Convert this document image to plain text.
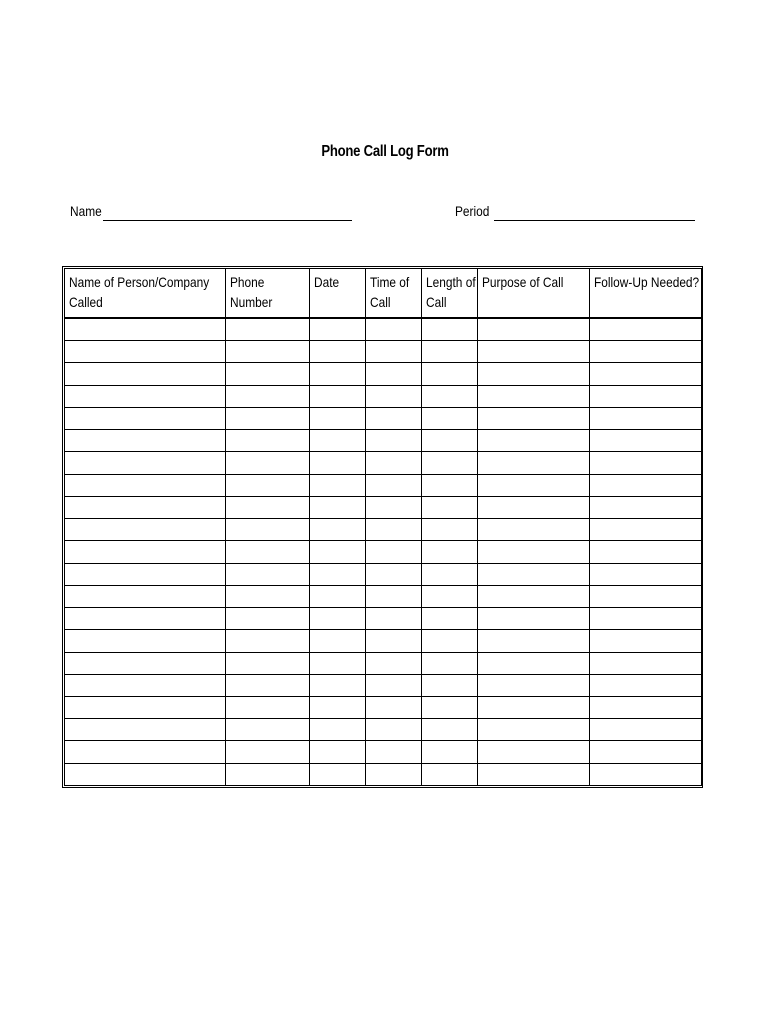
Phone Call Log Form
Name	Period
Name of Person/Company Called	Phone Number	Date	Time of Call	Length of Call	Purpose of Call	Follow-Up Needed?
